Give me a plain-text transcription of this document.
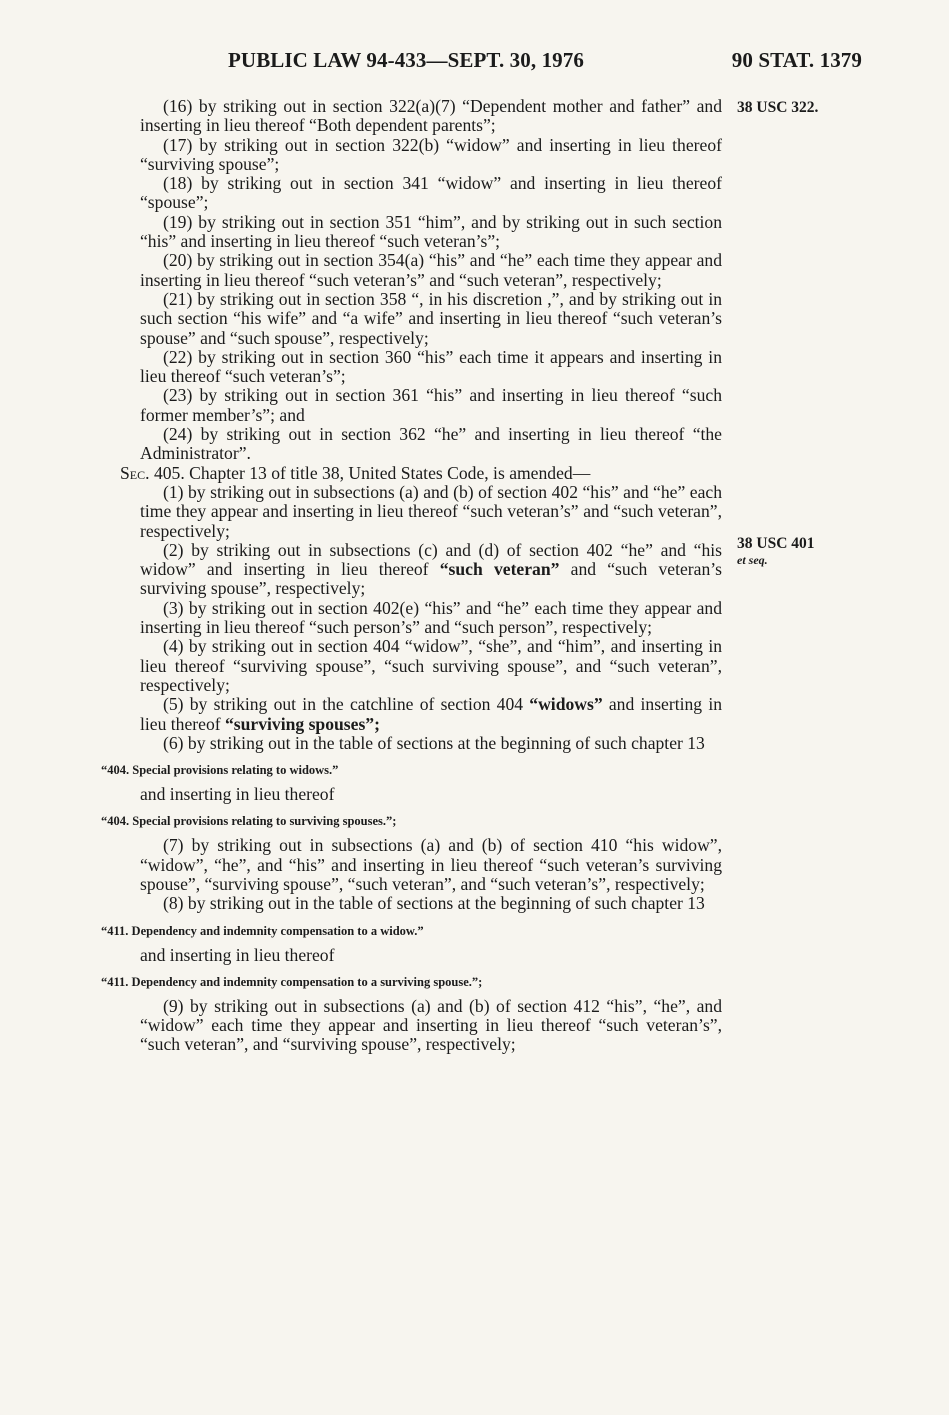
PUBLIC LAW 94-433—SEPT. 30, 1976	90 STAT. 1379
38 USC 322.
38 USC 401
et seq.

(16) by striking out in section 322(a)(7) “Dependent mother and father” and inserting in lieu thereof “Both dependent parents”;

(17) by striking out in section 322(b) “widow” and inserting in lieu thereof “surviving spouse”;

(18) by striking out in section 341 “widow” and inserting in lieu thereof “spouse”;

(19) by striking out in section 351 “him”, and by striking out in such section “his” and inserting in lieu thereof “such veteran’s”;

(20) by striking out in section 354(a) “his” and “he” each time they appear and inserting in lieu thereof “such veteran’s” and “such veteran”, respectively;

(21) by striking out in section 358 “, in his discretion ,”, and by striking out in such section “his wife” and “a wife” and inserting in lieu thereof “such veteran’s spouse” and “such spouse”, respectively;

(22) by striking out in section 360 “his” each time it appears and inserting in lieu thereof “such veteran’s”;

(23) by striking out in section 361 “his” and inserting in lieu thereof “such former member’s”; and

(24) by striking out in section 362 “he” and inserting in lieu thereof “the Administrator”.

Sec. 405. Chapter 13 of title 38, United States Code, is amended—

(1) by striking out in subsections (a) and (b) of section 402 “his” and “he” each time they appear and inserting in lieu thereof “such veteran’s” and “such veteran”, respectively;

(2) by striking out in subsections (c) and (d) of section 402 “he” and “his widow” and inserting in lieu thereof “such veteran” and “such veteran’s surviving spouse”, respectively;

(3) by striking out in section 402(e) “his” and “he” each time they appear and inserting in lieu thereof “such person’s” and “such person”, respectively;

(4) by striking out in section 404 “widow”, “she”, and “him”, and inserting in lieu thereof “surviving spouse”, “such surviving spouse”, and “such veteran”, respectively;

(5) by striking out in the catchline of section 404 “widows” and inserting in lieu thereof “surviving spouses”;

(6) by striking out in the table of sections at the beginning of such chapter 13

“404. Special provisions relating to widows.”
and inserting in lieu thereof
“404. Special provisions relating to surviving spouses.”;

(7) by striking out in subsections (a) and (b) of section 410 “his widow”, “widow”, “he”, and “his” and inserting in lieu thereof “such veteran’s surviving spouse”, “surviving spouse”, “such veteran”, and “such veteran’s”, respectively;

(8) by striking out in the table of sections at the beginning of such chapter 13

“411. Dependency and indemnity compensation to a widow.”
and inserting in lieu thereof
“411. Dependency and indemnity compensation to a surviving spouse.”;

(9) by striking out in subsections (a) and (b) of section 412 “his”, “he”, and “widow” each time they appear and inserting in lieu thereof “such veteran’s”, “such veteran”, and “surviving spouse”, respectively;
